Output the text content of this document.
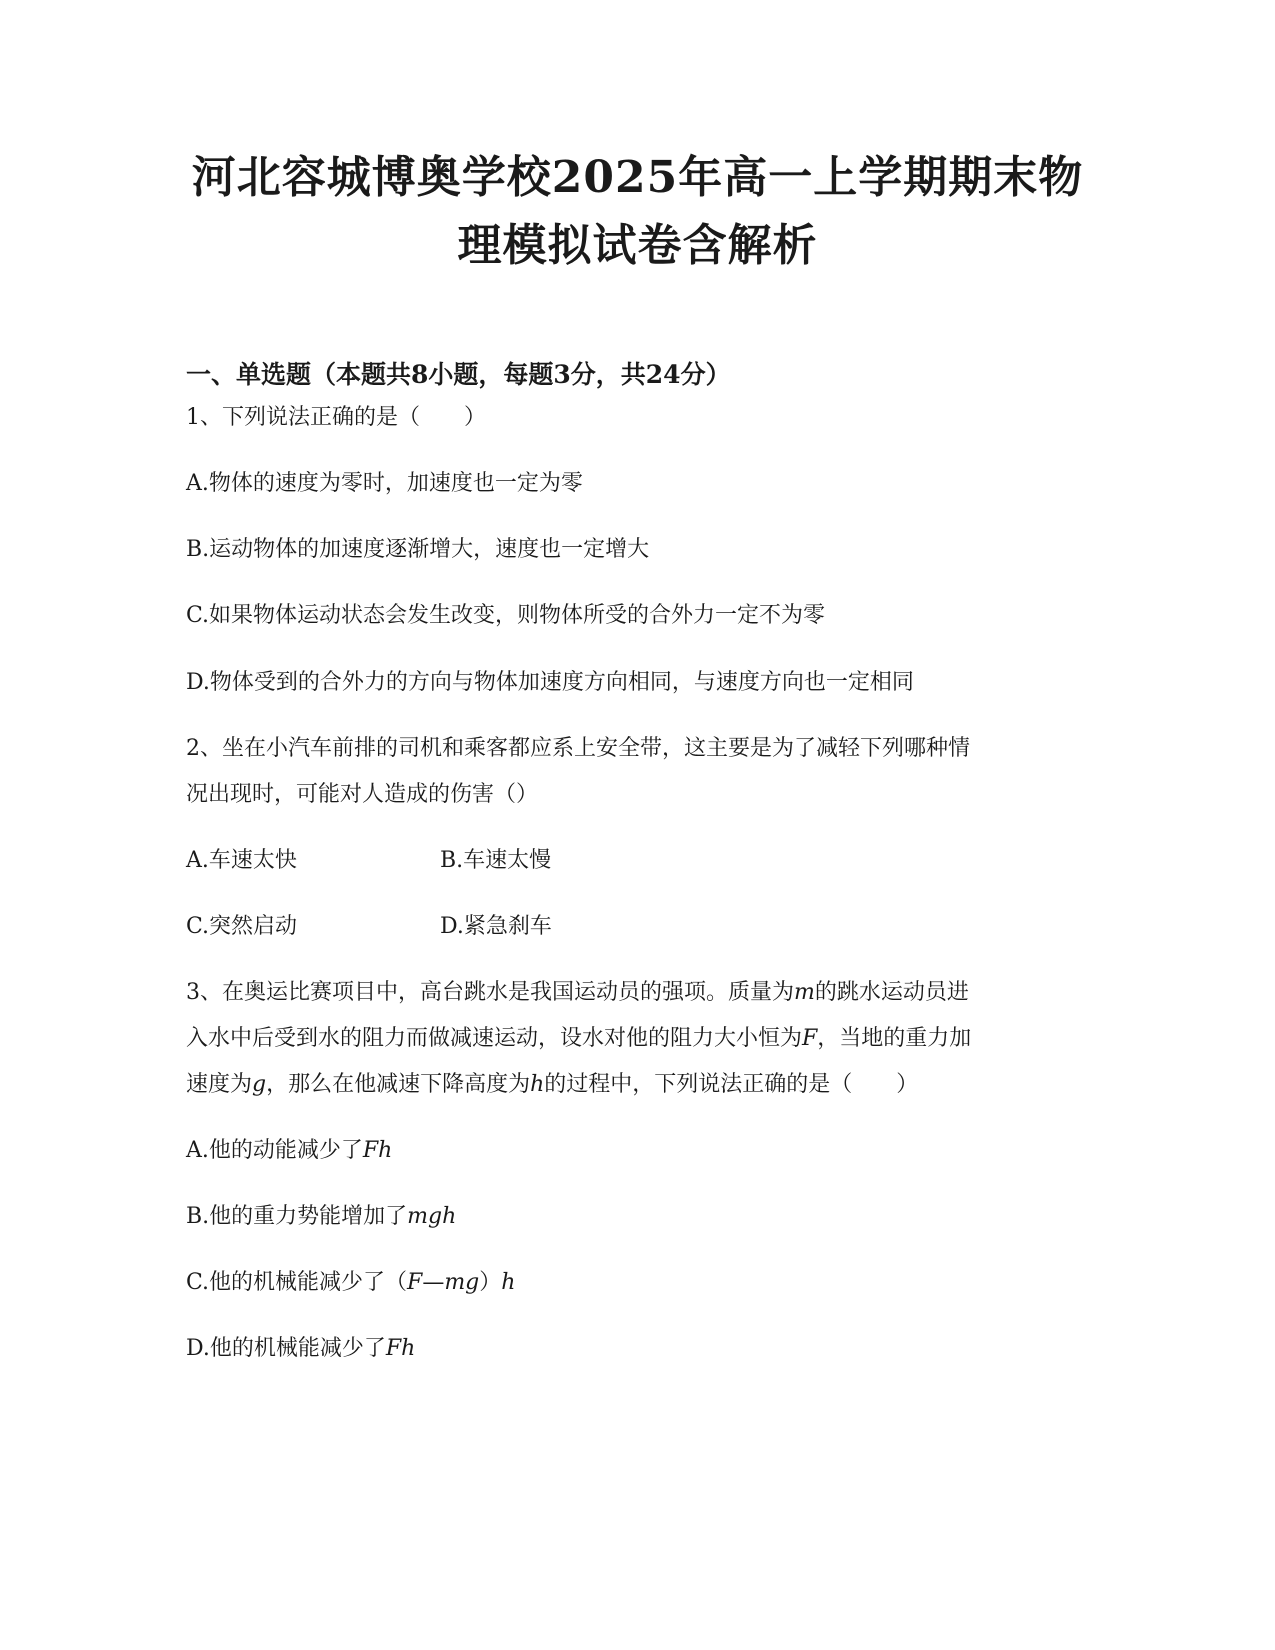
河北容城博奥学校2025年高一上学期期末物
理模拟试卷含解析
一、单选题（本题共8小题，每题3分，共24分）
1、下列说法正确的是（　　）
A.物体的速度为零时，加速度也一定为零
B.运动物体的加速度逐渐增大，速度也一定增大
C.如果物体运动状态会发生改变，则物体所受的合外力一定不为零
D.物体受到的合外力的方向与物体加速度方向相同，与速度方向也一定相同
2、坐在小汽车前排的司机和乘客都应系上安全带，这主要是为了减轻下列哪种情
况出现时，可能对人造成的伤害（）
A.车速太快	B.车速太慢
C.突然启动	D.紧急刹车
3、在奥运比赛项目中，高台跳水是我国运动员的强项。质量为m的跳水运动员进
入水中后受到水的阻力而做减速运动，设水对他的阻力大小恒为F，当地的重力加
速度为g，那么在他减速下降高度为h的过程中，下列说法正确的是（　　）
A.他的动能减少了Fh
B.他的重力势能增加了mgh
C.他的机械能减少了（F—mg）h
D.他的机械能减少了Fh
